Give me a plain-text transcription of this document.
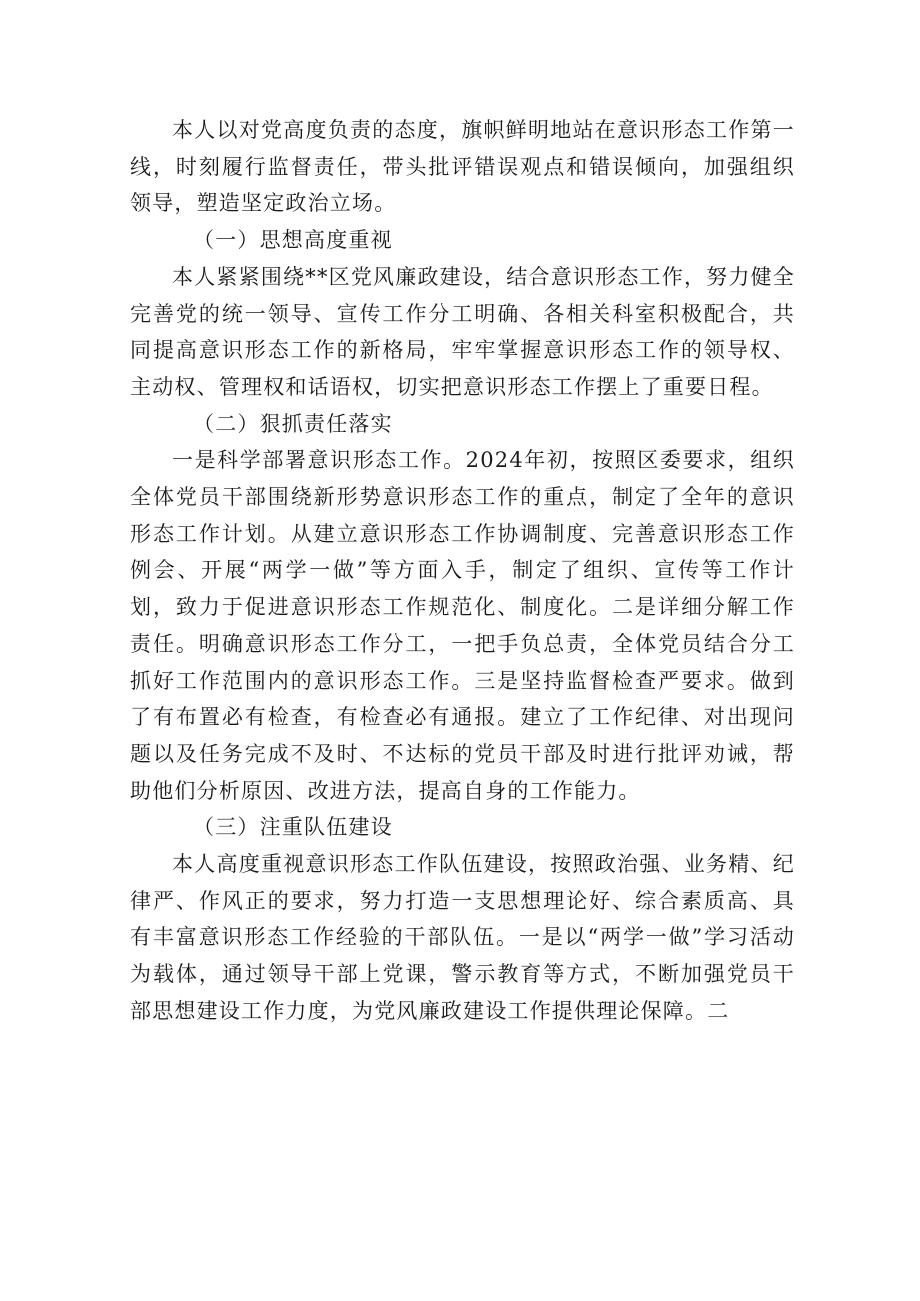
本人以对党高度负责的态度，旗帜鲜明地站在意识形态工作第一线，时刻履行监督责任，带头批评错误观点和错误倾向，加强组织领导，塑造坚定政治立场。

（一）思想高度重视

本人紧紧围绕**区党风廉政建设，结合意识形态工作，努力健全完善党的统一领导、宣传工作分工明确、各相关科室积极配合，共同提高意识形态工作的新格局，牢牢掌握意识形态工作的领导权、主动权、管理权和话语权，切实把意识形态工作摆上了重要日程。

（二）狠抓责任落实

一是科学部署意识形态工作。2024年初，按照区委要求，组织全体党员干部围绕新形势意识形态工作的重点，制定了全年的意识形态工作计划。从建立意识形态工作协调制度、完善意识形态工作例会、开展“两学一做”等方面入手，制定了组织、宣传等工作计划，致力于促进意识形态工作规范化、制度化。二是详细分解工作责任。明确意识形态工作分工，一把手负总责，全体党员结合分工抓好工作范围内的意识形态工作。三是坚持监督检查严要求。做到了有布置必有检查，有检查必有通报。建立了工作纪律、对出现问题以及任务完成不及时、不达标的党员干部及时进行批评劝诫，帮助他们分析原因、改进方法，提高自身的工作能力。

（三）注重队伍建设

本人高度重视意识形态工作队伍建设，按照政治强、业务精、纪律严、作风正的要求，努力打造一支思想理论好、综合素质高、具有丰富意识形态工作经验的干部队伍。一是以“两学一做”学习活动为载体，通过领导干部上党课，警示教育等方式，不断加强党员干部思想建设工作力度，为党风廉政建设工作提供理论保障。二
